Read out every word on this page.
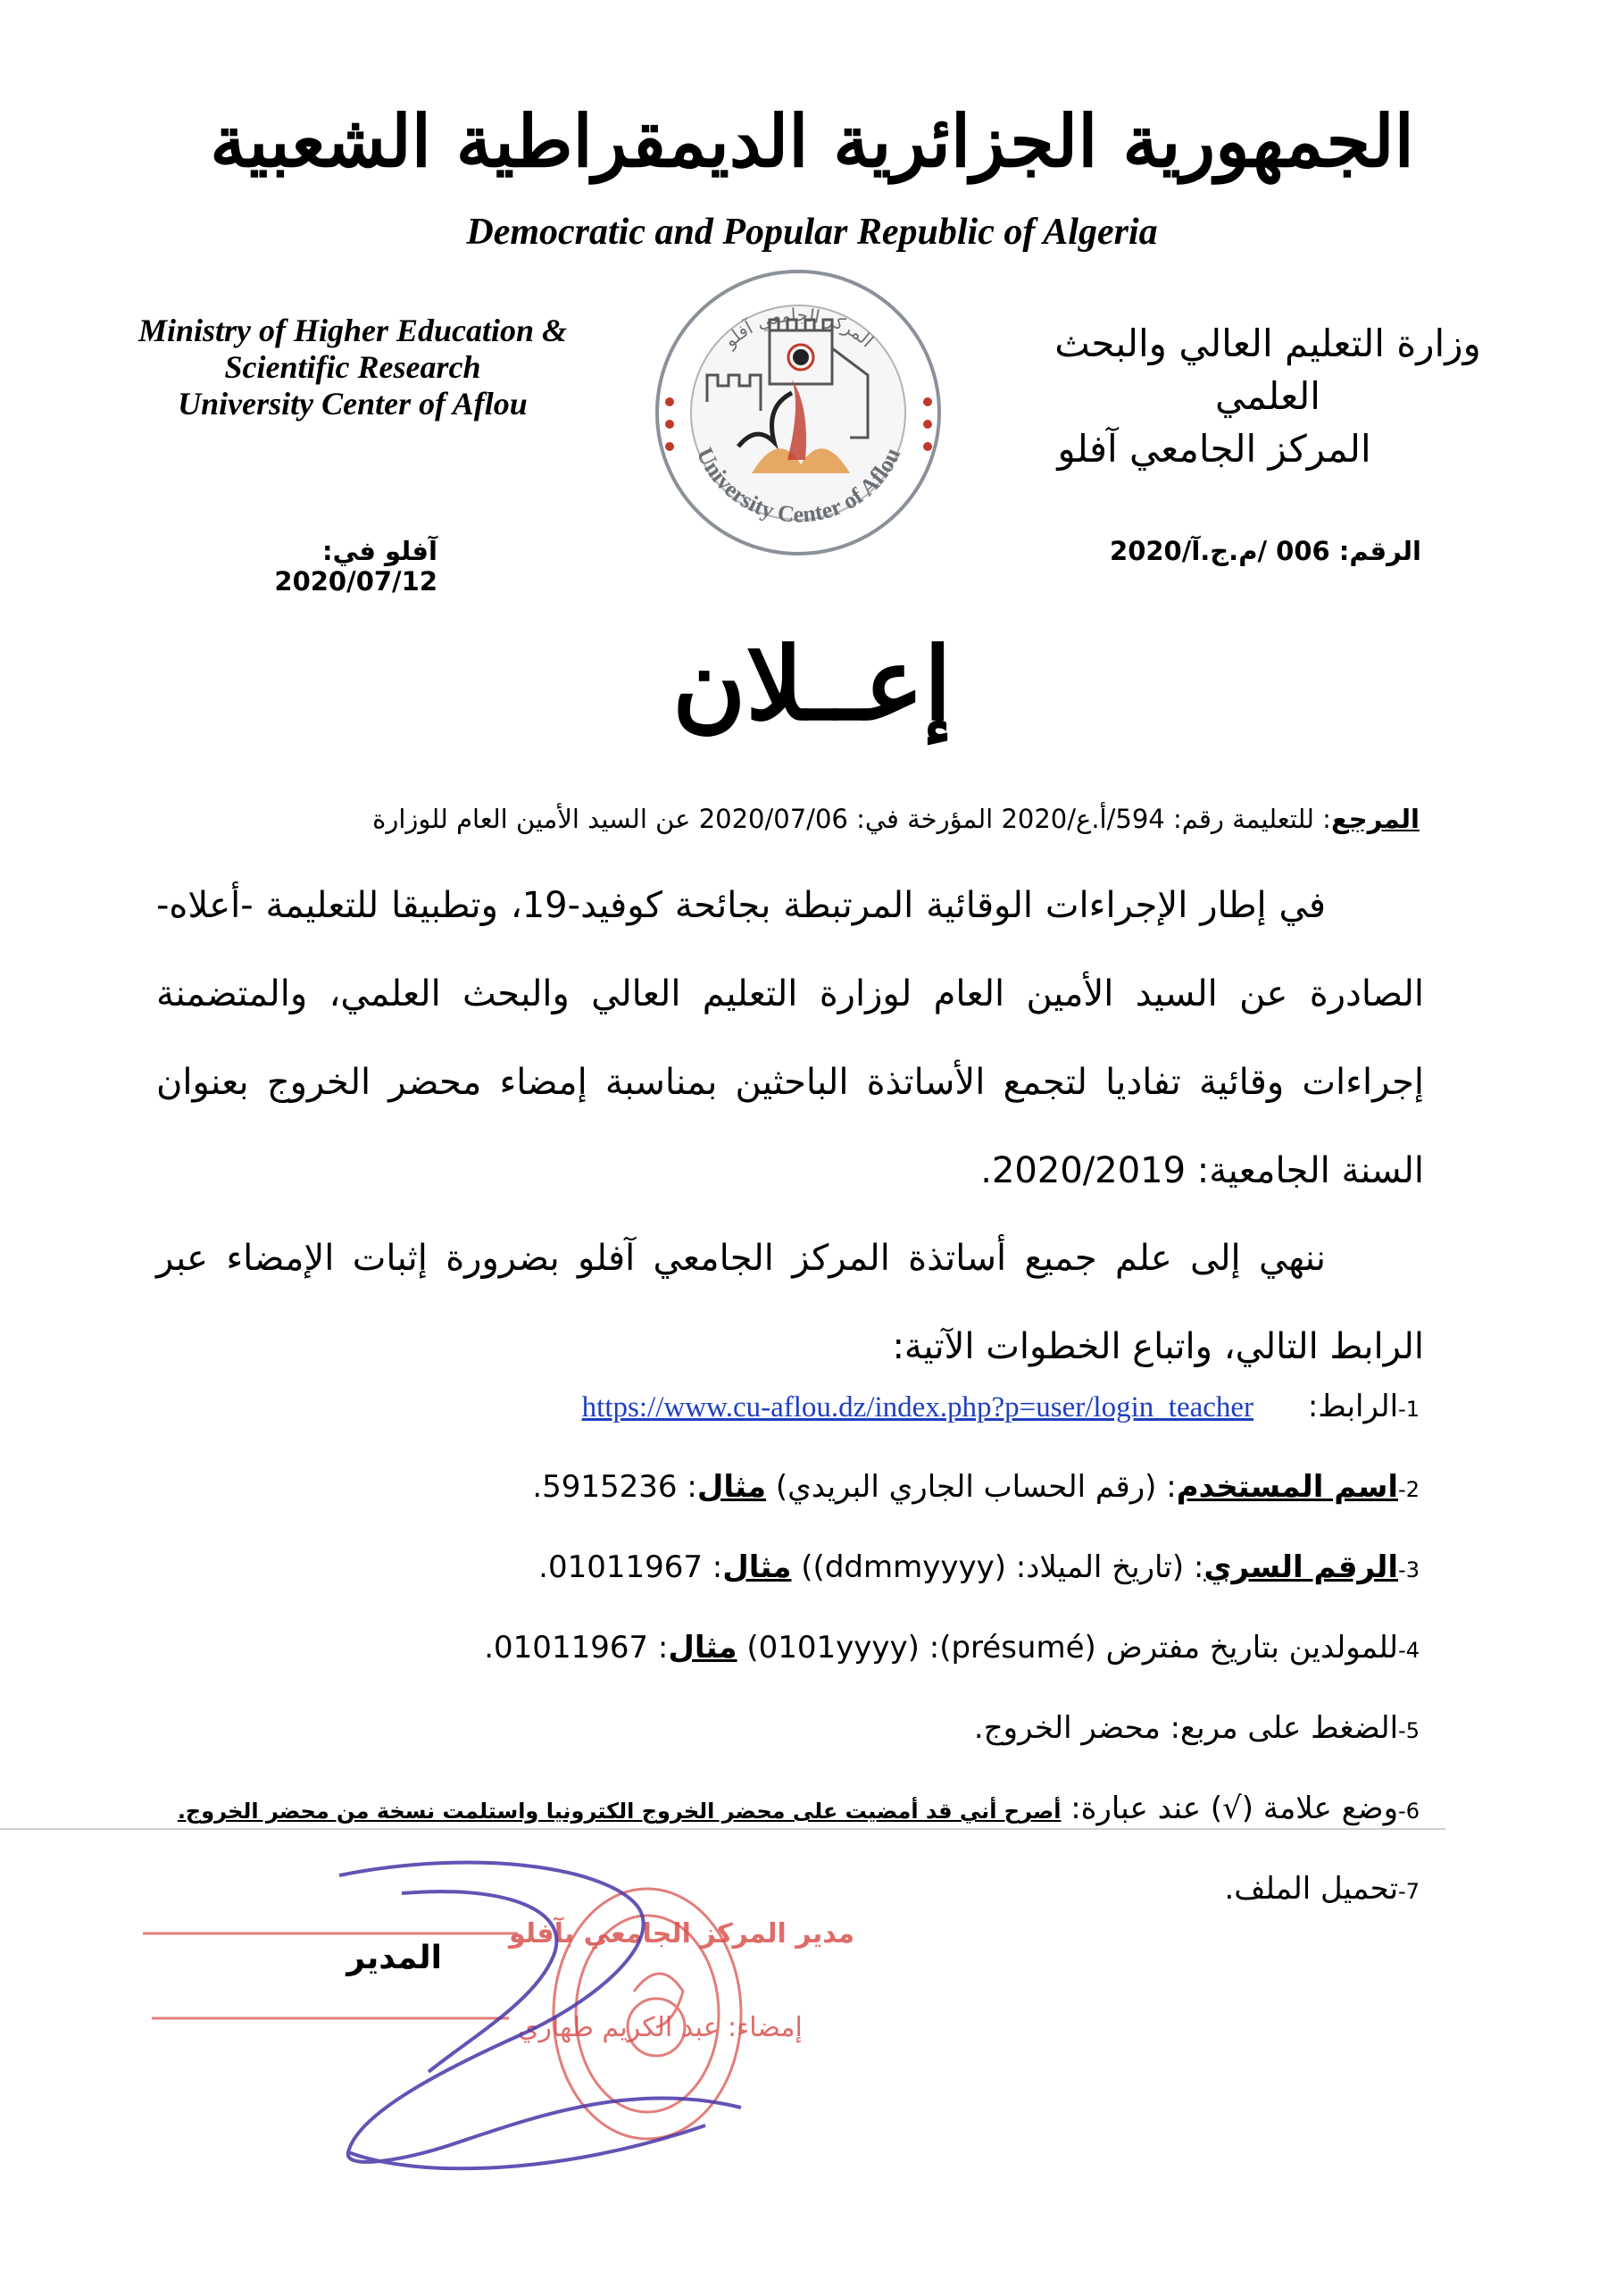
الجمهورية الجزائرية الديمقراطية الشعبية
Democratic and Popular Republic of Algeria
Ministry of Higher Education &
Scientific Research
University Center of Aflou
وزارة التعليم العالي والبحث العلمي
المركز الجامعي آفلو
University Center of Aflou
المركز الجامعي آفلو
الرقم: 006 /م.ج.آ/2020
آفلو في: 2020/07/12
إعــلان
المرجع: للتعليمة رقم: 594/أ.ع/2020 المؤرخة في: 2020/07/06 عن السيد الأمين العام للوزارة
في إطار الإجراءات الوقائية المرتبطة بجائحة كوفيد-19، وتطبيقا للتعليمة -أعلاه- الصادرة عن السيد الأمين العام لوزارة التعليم العالي والبحث العلمي، والمتضمنة إجراءات وقائية تفاديا لتجمع الأساتذة الباحثين بمناسبة إمضاء محضر الخروج بعنوان السنة الجامعية: 2020/2019.
ننهي إلى علم جميع أساتذة المركز الجامعي آفلو بضرورة إثبات الإمضاء عبر الرابط التالي، واتباع الخطوات الآتية:
1-الرابط: https://www.cu-aflou.dz/index.php?p=user/login_teacher
2-اسم المستخدم: (رقم الحساب الجاري البريدي) مثال: 5915236.
3-الرقم السري: (تاريخ الميلاد: (ddmmyyyy)) مثال: 01011967.
4-للمولدين بتاريخ مفترض (présumé): (0101yyyy) مثال: 01011967.
5-الضغط على مربع: محضر الخروج.
6-وضع علامة (√) عند عبارة: أصرح أني قد أمضيت على محضر الخروج الكترونيا واستلمت نسخة من محضر الخروج.
7-تحميل الملف.
مدير المركز الجامعي بآفلو
إمضاء: عبد الكريم طهاري
المدير
